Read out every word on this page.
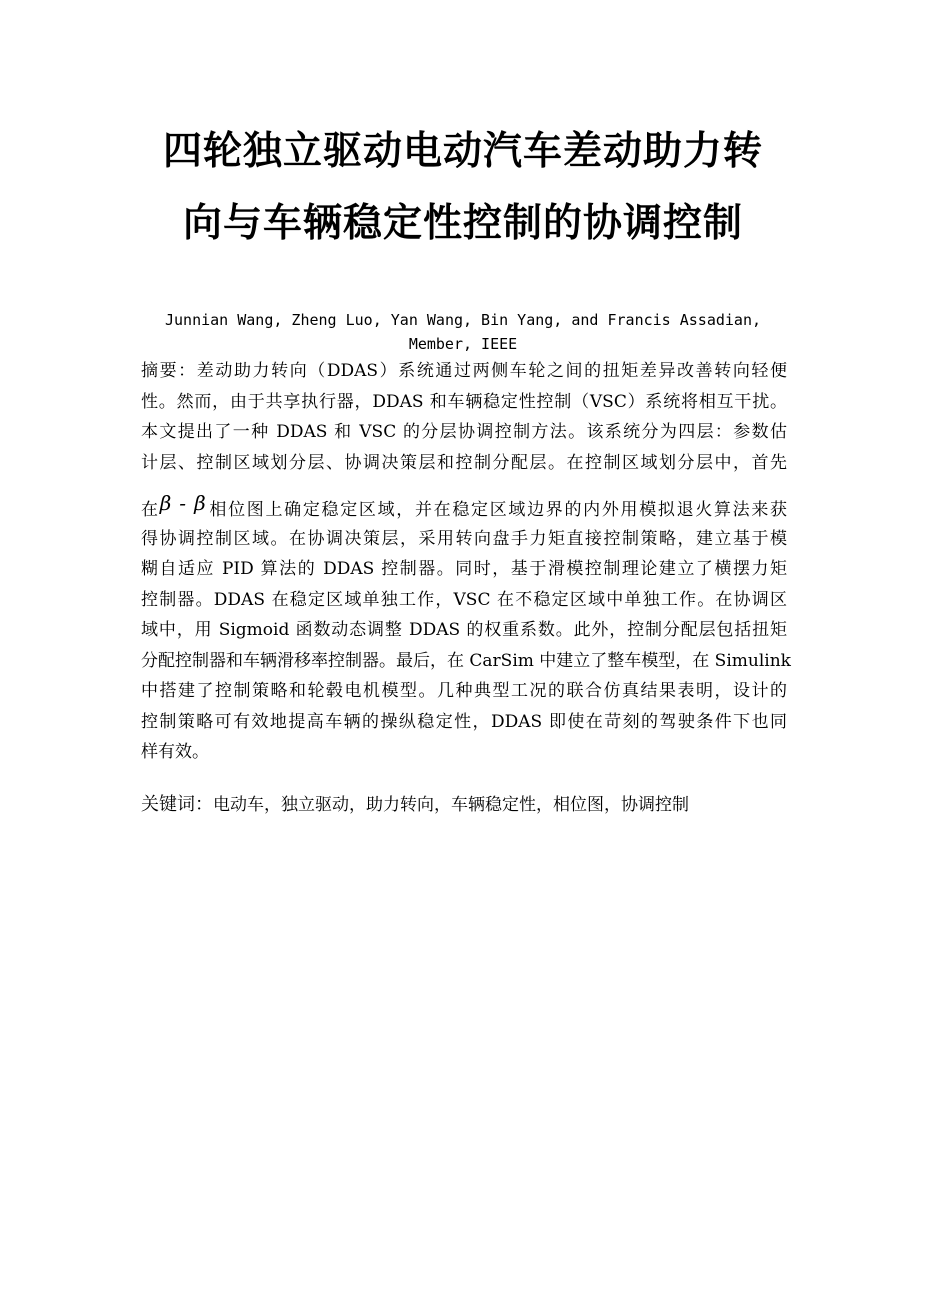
四轮独立驱动电动汽车差动助力转
向与车辆稳定性控制的协调控制
Junnian Wang, Zheng Luo, Yan Wang, Bin Yang, and Francis Assadian,
Member, IEEE
摘要：差动助力转向（DDAS）系统通过两侧车轮之间的扭矩差异改善转向轻便
性。然而，由于共享执行器，DDAS 和车辆稳定性控制（VSC）系统将相互干扰。
本文提出了一种 DDAS 和 VSC 的分层协调控制方法。该系统分为四层：参数估
计层、控制区域划分层、协调决策层和控制分配层。在控制区域划分层中，首先
在β - β 相位图上确定稳定区域，并在稳定区域边界的内外用模拟退火算法来获
得协调控制区域。在协调决策层，采用转向盘手力矩直接控制策略，建立基于模
糊自适应 PID 算法的 DDAS 控制器。同时，基于滑模控制理论建立了横摆力矩
控制器。DDAS 在稳定区域单独工作，VSC 在不稳定区域中单独工作。在协调区
域中，用 Sigmoid 函数动态调整 DDAS 的权重系数。此外，控制分配层包括扭矩
分配控制器和车辆滑移率控制器。最后，在 CarSim 中建立了整车模型，在 Simulink
中搭建了控制策略和轮毂电机模型。几种典型工况的联合仿真结果表明，设计的
控制策略可有效地提高车辆的操纵稳定性，DDAS 即使在苛刻的驾驶条件下也同
样有效。
关键词：电动车，独立驱动，助力转向，车辆稳定性，相位图，协调控制
